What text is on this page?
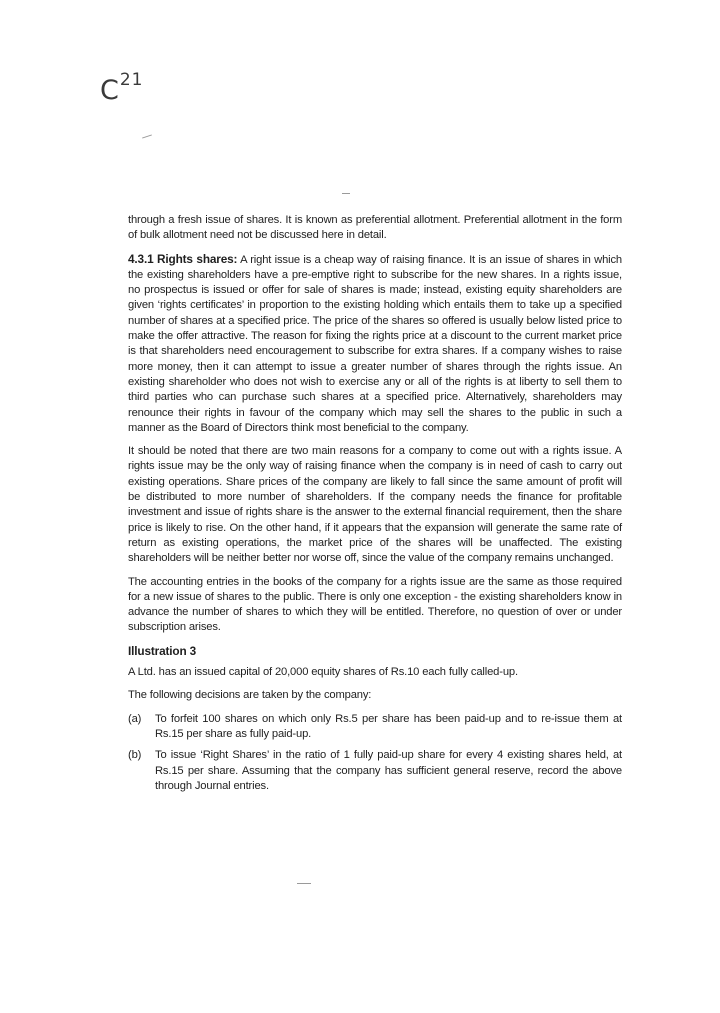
$C^{21}$

through a fresh issue of shares. It is known as preferential allotment. Preferential allotment in the form of bulk allotment need not be discussed here in detail.

4.3.1 Rights shares: A right issue is a cheap way of raising finance. It is an issue of shares in which the existing shareholders have a pre-emptive right to subscribe for the new shares. In a rights issue, no prospectus is issued or offer for sale of shares is made; instead, existing equity shareholders are given ‘rights certificates’ in proportion to the existing holding which entails them to take up a specified number of shares at a specified price. The price of the shares so offered is usually below listed price to make the offer attractive. The reason for fixing the rights price at a discount to the current market price is that shareholders need encouragement to subscribe for extra shares. If a company wishes to raise more money, then it can attempt to issue a greater number of shares through the rights issue. An existing shareholder who does not wish to exercise any or all of the rights is at liberty to sell them to third parties who can purchase such shares at a specified price. Alternatively, shareholders may renounce their rights in favour of the company which may sell the shares to the public in such a manner as the Board of Directors think most beneficial to the company.

It should be noted that there are two main reasons for a company to come out with a rights issue. A rights issue may be the only way of raising finance when the company is in need of cash to carry out existing operations. Share prices of the company are likely to fall since the same amount of profit will be distributed to more number of shareholders. If the company needs the finance for profitable investment and issue of rights share is the answer to the external financial requirement, then the share price is likely to rise. On the other hand, if it appears that the expansion will generate the same rate of return as existing operations, the market price of the shares will be unaffected. The existing shareholders will be neither better nor worse off, since the value of the company remains unchanged.

The accounting entries in the books of the company for a rights issue are the same as those required for a new issue of shares to the public. There is only one exception - the existing shareholders know in advance the number of shares to which they will be entitled. Therefore, no question of over or under subscription arises.

Illustration 3

A Ltd. has an issued capital of 20,000 equity shares of Rs.10 each fully called-up.

The following decisions are taken by the company:

(a)	To forfeit 100 shares on which only Rs.5 per share has been paid-up and to re-issue them at Rs.15 per share as fully paid-up.
(b)	To issue ‘Right Shares’ in the ratio of 1 fully paid-up share for every 4 existing shares held, at Rs.15 per share. Assuming that the company has sufficient general reserve, record the above through Journal entries.
